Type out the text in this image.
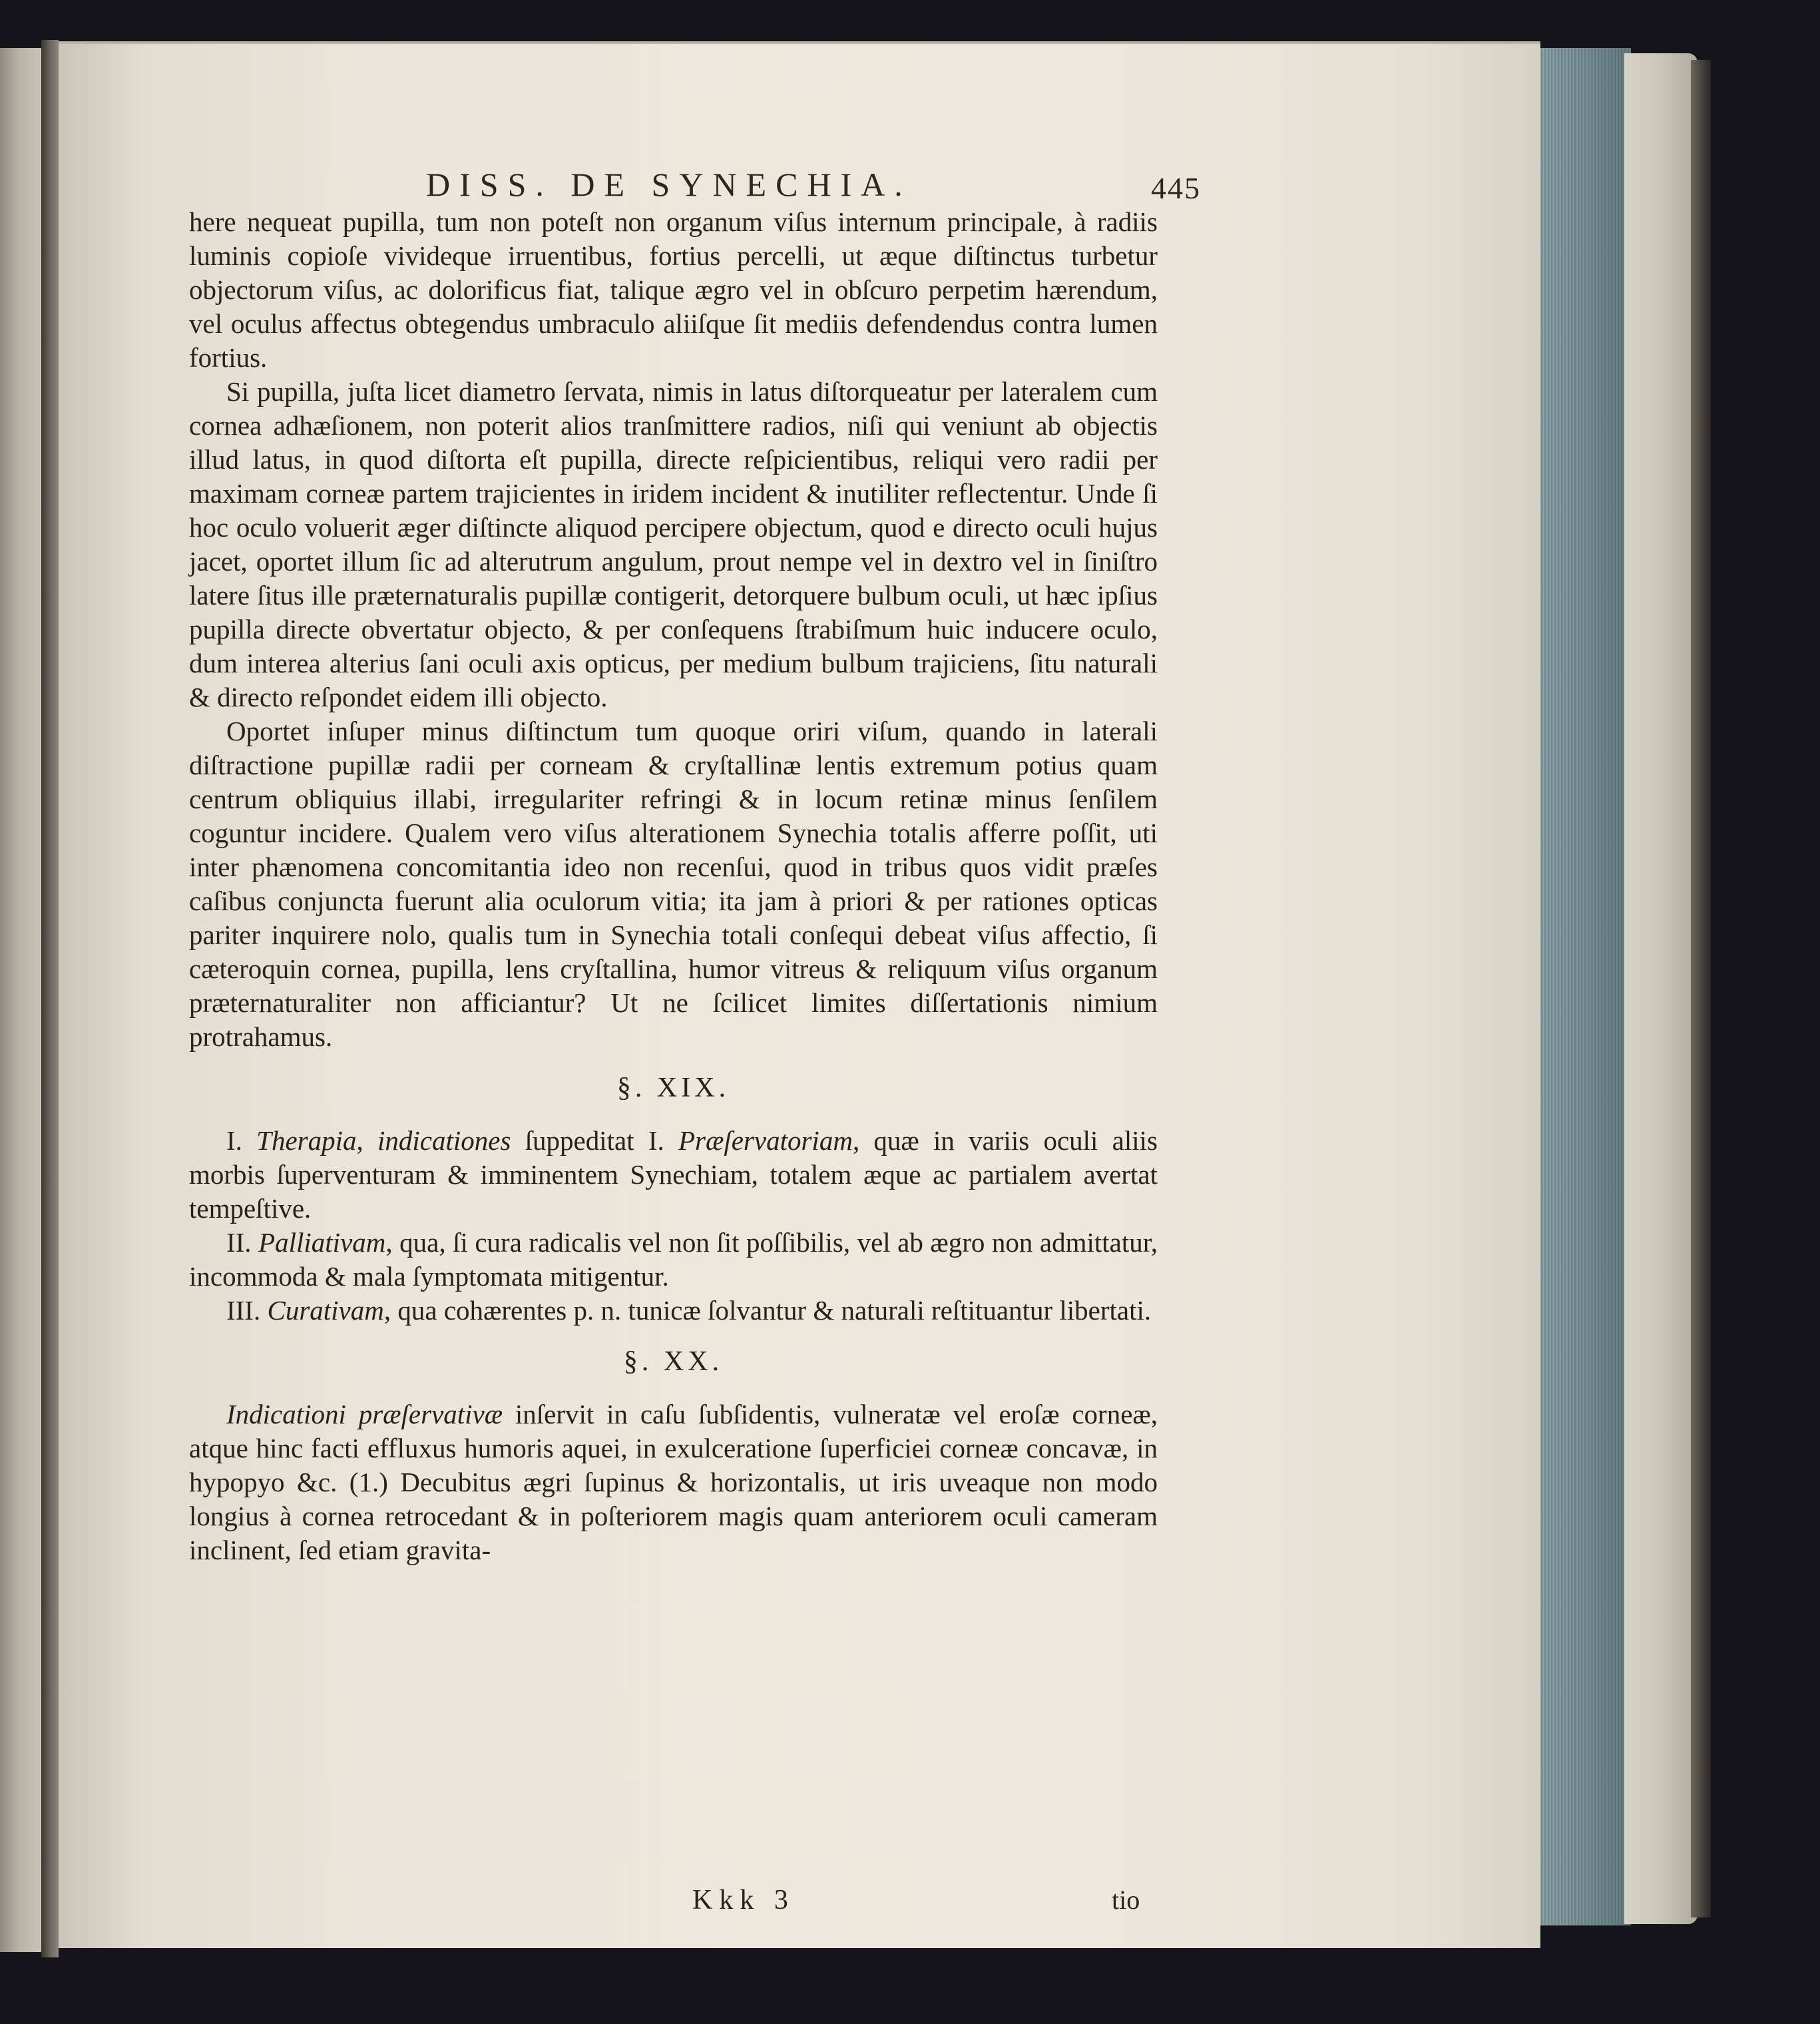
DISS. DE SYNECHIA.	445

here nequeat pupilla, tum non poteſt non organum viſus internum principale, à radiis luminis copioſe vivideque irruentibus, fortius percelli, ut æque diſtinctus turbetur objectorum viſus, ac dolorificus fiat, talique ægro vel in obſcuro perpetim hærendum, vel oculus affectus obtegendus umbraculo aliiſque ſit mediis defendendus contra lumen fortius.

Si pupilla, juſta licet diametro ſervata, nimis in latus diſtorqueatur per lateralem cum cornea adhæſionem, non poterit alios tranſmittere radios, niſi qui veniunt ab objectis illud latus, in quod diſtorta eſt pupilla, directe reſpicientibus, reliqui vero radii per maximam corneæ partem trajicientes in iridem incident & inutiliter reflectentur. Unde ſi hoc oculo voluerit æger diſtincte aliquod percipere objectum, quod e directo oculi hujus jacet, oportet illum ſic ad alterutrum angulum, prout nempe vel in dextro vel in ſiniſtro latere ſitus ille præternaturalis pupillæ contigerit, detorquere bulbum oculi, ut hæc ipſius pupilla directe obvertatur objecto, & per conſequens ſtrabiſmum huic inducere oculo, dum interea alterius ſani oculi axis opticus, per medium bulbum trajiciens, ſitu naturali & directo reſpondet eidem illi objecto.

Oportet inſuper minus diſtinctum tum quoque oriri viſum, quando in laterali diſtractione pupillæ radii per corneam & cryſtallinæ lentis extremum potius quam centrum obliquius illabi, irregulariter refringi & in locum retinæ minus ſenſilem coguntur incidere. Qualem vero viſus alterationem Synechia totalis afferre poſſit, uti inter phænomena concomitantia ideo non recenſui, quod in tribus quos vidit præſes caſibus conjuncta fuerunt alia oculorum vitia; ita jam à priori & per rationes opticas pariter inquirere nolo, qualis tum in Synechia totali conſequi debeat viſus affectio, ſi cæteroquin cornea, pupilla, lens cryſtallina, humor vitreus & reliquum viſus organum præternaturaliter non afficiantur? Ut ne ſcilicet limites diſſertationis nimium protrahamus.

§. XIX.

I. Therapia, indicationes ſuppeditat I. Præſervatoriam, quæ in variis oculi aliis morbis ſuperventuram & imminentem Synechiam, totalem æque ac partialem avertat tempeſtive.

II. Palliativam, qua, ſi cura radicalis vel non ſit poſſibilis, vel ab ægro non admittatur, incommoda & mala ſymptomata mitigentur.

III. Curativam, qua cohærentes p. n. tunicæ ſolvantur & naturali reſtituantur libertati.

§. XX.

Indicationi præſervativæ inſervit in caſu ſubſidentis, vulneratæ vel eroſæ corneæ, atque hinc facti effluxus humoris aquei, in exulceratione ſuperficiei corneæ concavæ, in hypopyo &c. (1.) Decubitus ægri ſupinus & horizontalis, ut iris uveaque non modo longius à cornea retrocedant & in poſteriorem magis quam anteriorem oculi cameram inclinent, ſed etiam gravita-

Kkk 3	tio
